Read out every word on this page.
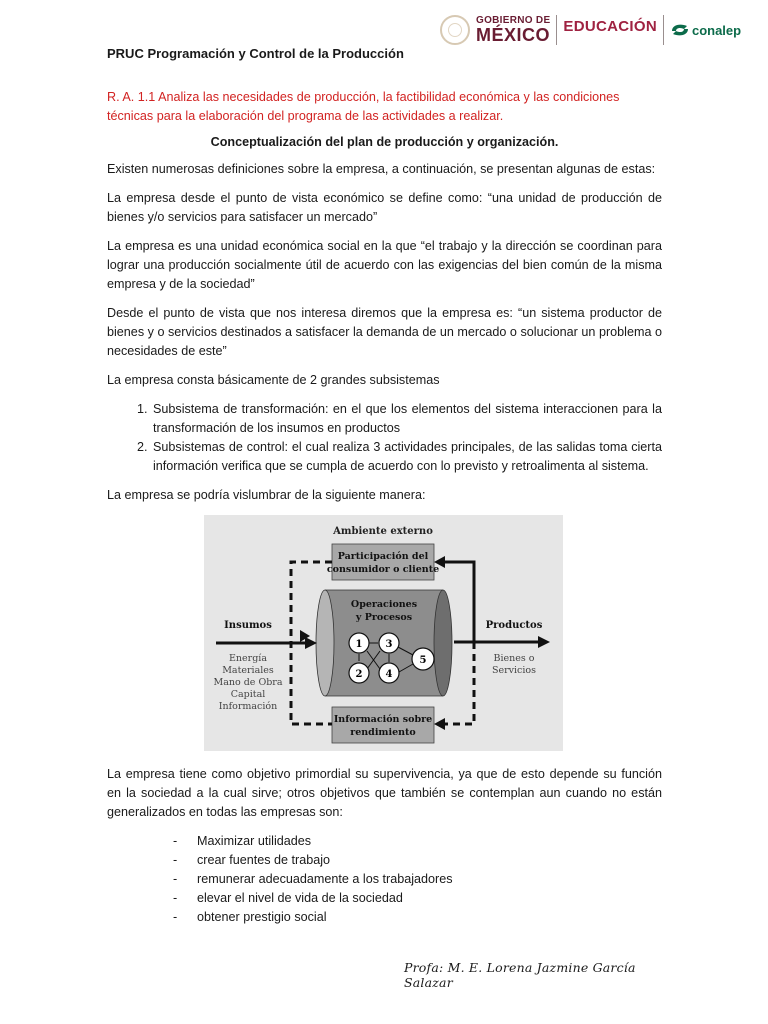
GOBIERNO DE
MÉXICO EDUCACIÓN
	conalep
PRUC Programación y Control de la Producción
R. A. 1.1 Analiza las necesidades de producción, la factibilidad económica y las condiciones técnicas para la elaboración del programa de las actividades a realizar.
Conceptualización del plan de producción y organización.

Existen numerosas definiciones sobre la empresa, a continuación, se presentan algunas de estas:

La empresa desde el punto de vista económico se define como: “una unidad de producción de bienes y/o servicios para satisfacer un mercado”

La empresa es una unidad económica social en la que “el trabajo y la dirección se coordinan para lograr una producción socialmente útil de acuerdo con las exigencias del bien común de la misma empresa y de la sociedad”

Desde el punto de vista que nos interesa diremos que la empresa es: “un sistema productor de bienes y o servicios destinados a satisfacer la demanda de un mercado o solucionar un problema o necesidades de este”

La empresa consta básicamente de 2 grandes subsistemas

1. Subsistema de transformación: en el que los elementos del sistema interaccionen para la transformación de los insumos en productos
2. Subsistemas de control: el cual realiza 3 actividades principales, de las salidas toma cierta información verifica que se cumpla de acuerdo con lo previsto y retroalimenta al sistema.

La empresa se podría vislumbrar de la siguiente manera:

Ambiente externo
Participación del
consumidor o cliente
Información sobre
rendimiento
Operaciones
y Procesos
1
2
3
4
5
Insumos
Energía
Materiales
Mano de Obra
Capital
Información
Productos
Bienes o
Servicios

La empresa tiene como objetivo primordial su supervivencia, ya que de esto depende su función en la sociedad a la cual sirve; otros objetivos que también se contemplan aun cuando no están generalizados en todas las empresas son:

- Maximizar utilidades
- crear fuentes de trabajo
- remunerar adecuadamente a los trabajadores
- elevar el nivel de vida de la sociedad
- obtener prestigio social
Profa: M. E. Lorena Jazmine García Salazar
